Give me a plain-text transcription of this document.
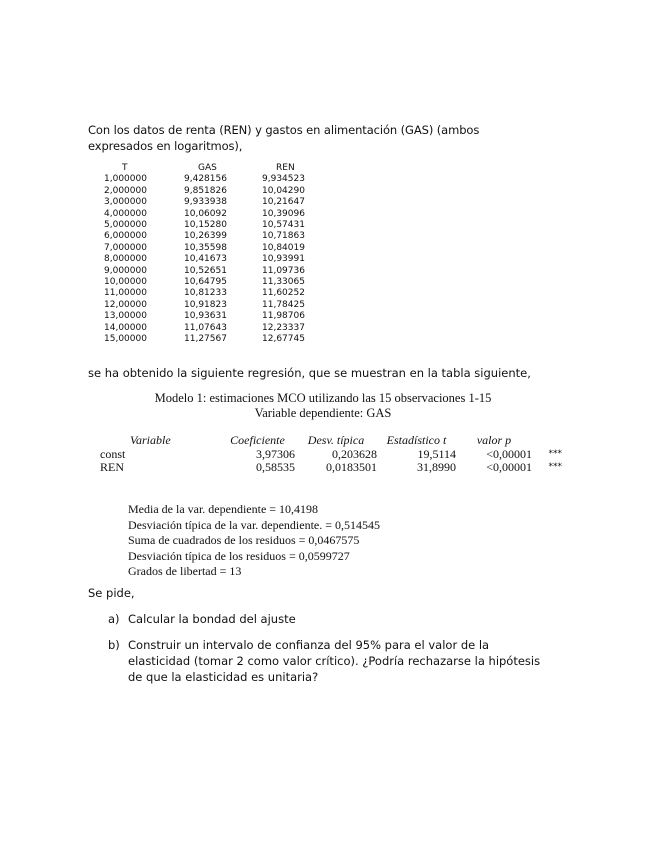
Con los datos de renta (REN) y gastos en alimentación (GAS) (ambos

expresados en logaritmos),

T	GAS	REN
1,000000	9,428156	9,934523
2,000000	9,851826	10,04290
3,000000	9,933938	10,21647
4,000000	10,06092	10,39096
5,000000	10,15280	10,57431
6,000000	10,26399	10,71863
7,000000	10,35598	10,84019
8,000000	10,41673	10,93991
9,000000	10,52651	11,09736
10,00000	10,64795	11,33065
11,00000	10,81233	11,60252
12,00000	10,91823	11,78425
13,00000	10,93631	11,98706
14,00000	11,07643	12,23337
15,00000	11,27567	12,67745
se ha obtenido la siguiente regresión, que se muestran en la tabla siguiente,
Modelo 1: estimaciones MCO utilizando las 15 observaciones 1-15
Variable dependiente: GAS
Variable	Coeficiente	Desv. típica	Estadístico t	valor p	
const	3,97306	0,203628	19,5114	<0,00001	***
REN	0,58535	0,0183501	31,8990	<0,00001	***
Media de la var. dependiente = 10,4198
Desviación típica de la var. dependiente. = 0,514545
Suma de cuadrados de los residuos = 0,0467575
Desviación típica de los residuos = 0,0599727
Grados de libertad = 13
Se pide,
a) Calcular la bondad del ajuste
b) Construir un intervalo de confianza del 95% para el valor de la elasticidad (tomar 2 como valor crítico). ¿Podría rechazarse la hipótesis de que la elasticidad es unitaria?
